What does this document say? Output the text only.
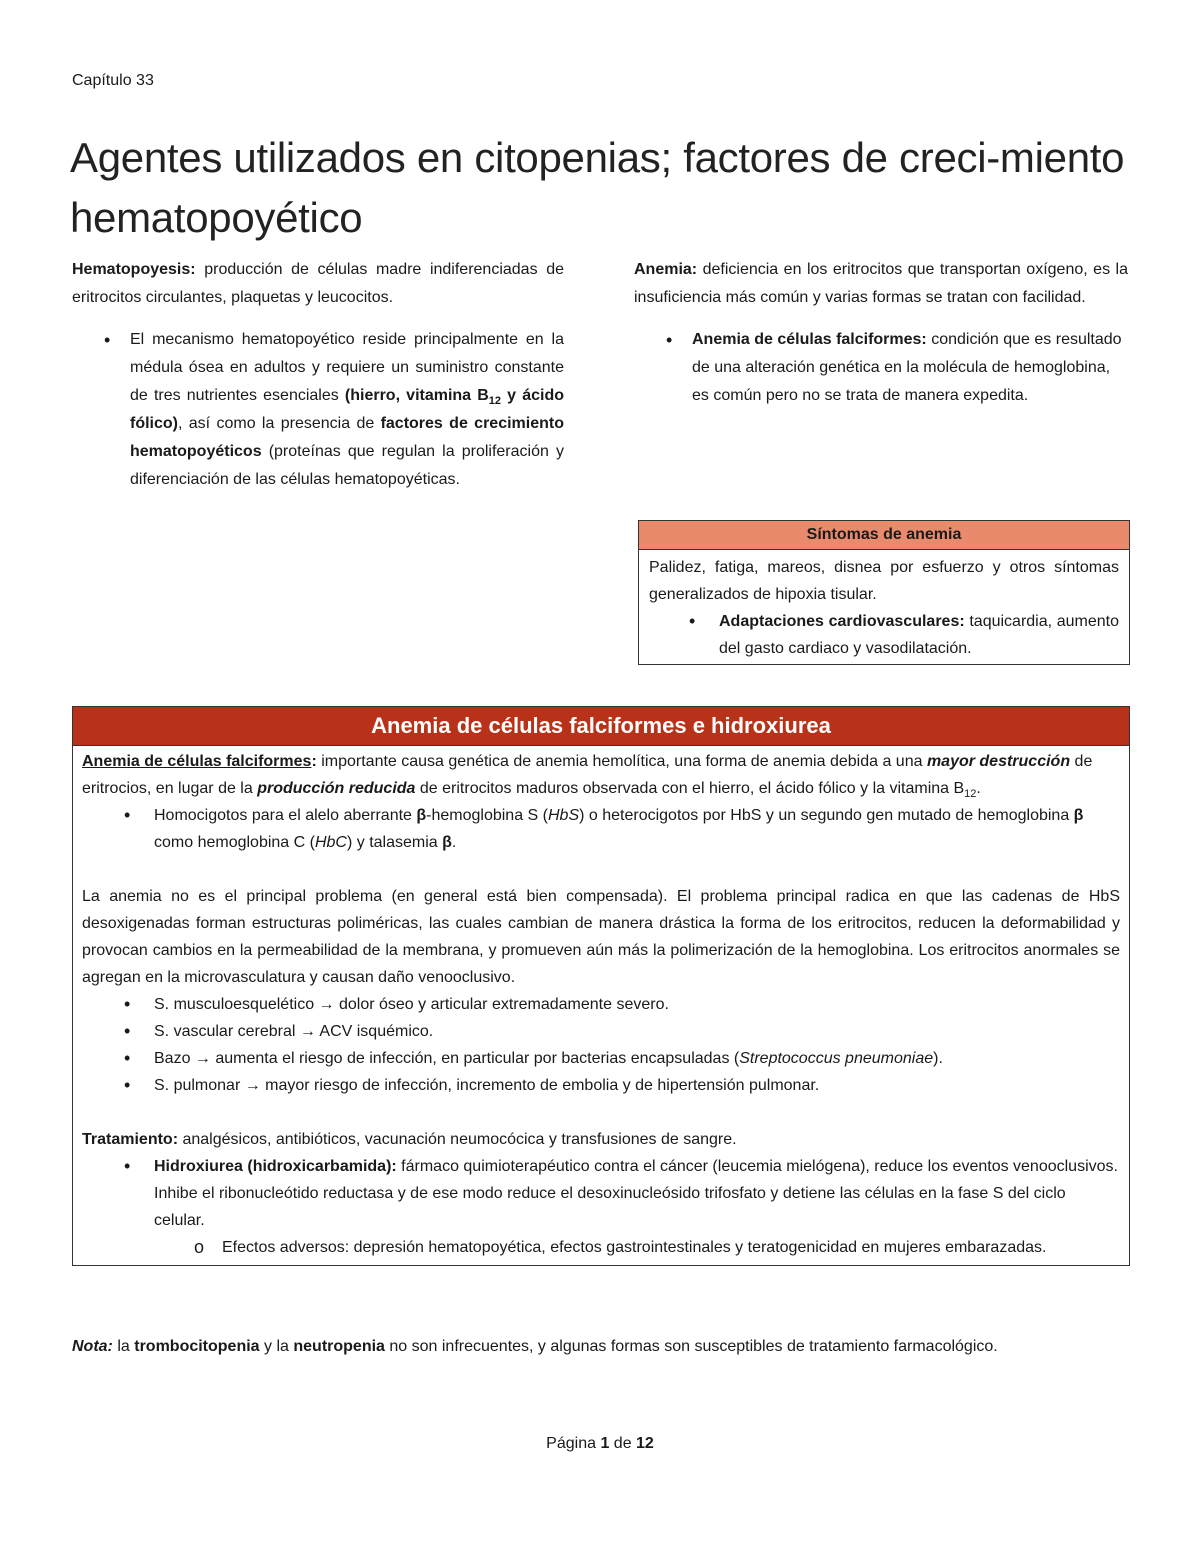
Capítulo 33
Agentes utilizados en citopenias; factores de creci-miento hematopoyético

Hematopoyesis: producción de células madre indiferenciadas de eritrocitos circulantes, plaquetas y leucocitos.

• El mecanismo hematopoyético reside principalmente en la médula ósea en adultos y requiere un suministro constante de tres nutrientes esenciales (hierro, vitamina $B_{12}$ y ácido fólico), así como la presencia de factores de crecimiento hematopoyéticos (proteínas que regulan la proliferación y diferenciación de las células hematopoyéticas.

Anemia: deficiencia en los eritrocitos que transportan oxígeno, es la insuficiencia más común y varias formas se tratan con facilidad.

• Anemia de células falciformes: condición que es resultado de una alteración genética en la molécula de hemoglobina, es común pero no se trata de manera expedita.
Síntomas de anemia

Palidez, fatiga, mareos, disnea por esfuerzo y otros síntomas generalizados de hipoxia tisular.

• Adaptaciones cardiovasculares: taquicardia, aumento del gasto cardiaco y vasodilatación.
Anemia de células falciformes e hidroxiurea

Anemia de células falciformes: importante causa genética de anemia hemolítica, una forma de anemia debida a una mayor destrucción de eritrocios, en lugar de la producción reducida de eritrocitos maduros observada con el hierro, el ácido fólico y la vitamina $B_{12}$.

• Homocigotos para el alelo aberrante β-hemoglobina S (HbS) o heterocigotos por HbS y un segundo gen mutado de hemoglobina β como hemoglobina C (HbC) y talasemia β.

La anemia no es el principal problema (en general está bien compensada). El problema principal radica en que las cadenas de HbS desoxigenadas forman estructuras poliméricas, las cuales cambian de manera drástica la forma de los eritrocitos, reducen la deformabilidad y provocan cambios en la permeabilidad de la membrana, y promueven aún más la polimerización de la hemoglobina. Los eritrocitos anormales se agregan en la microvasculatura y causan daño venooclusivo.

• S. musculoesquelético → dolor óseo y articular extremadamente severo.
• S. vascular cerebral → ACV isquémico.
• Bazo → aumenta el riesgo de infección, en particular por bacterias encapsuladas (Streptococcus pneumoniae).
• S. pulmonar → mayor riesgo de infección, incremento de embolia y de hipertensión pulmonar.

Tratamiento: analgésicos, antibióticos, vacunación neumocócica y transfusiones de sangre.

• Hidroxiurea (hidroxicarbamida): fármaco quimioterapéutico contra el cáncer (leucemia mielógena), reduce los eventos venooclusivos. Inhibe el ribonucleótido reductasa y de ese modo reduce el desoxinucleósido trifosfato y detiene las células en la fase S del ciclo celular.
o Efectos adversos: depresión hematopoyética, efectos gastrointestinales y teratogenicidad en mujeres embarazadas.

Nota: la trombocitopenia y la neutropenia no son infrecuentes, y algunas formas son susceptibles de tratamiento farmacológico.

Página 1 de 12
